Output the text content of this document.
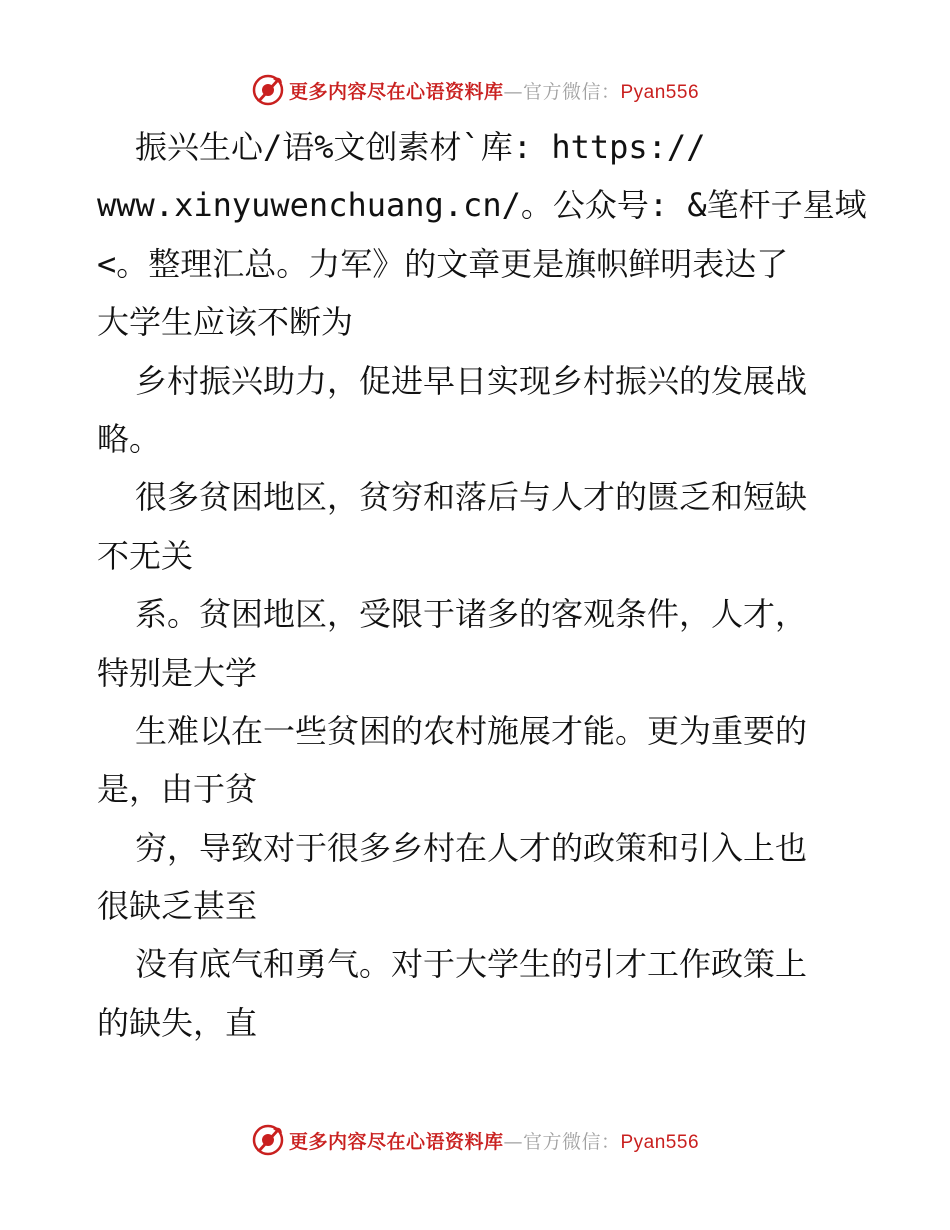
更多内容尽在心语资料库—官方微信：Pyan556
振兴生心/语%文创素材`库: https://
www.xinyuwenchuang.cn/。公众号: &笔杆子星域
<。整理汇总。力军》的文章更是旗帜鲜明表达了
大学生应该不断为
乡村振兴助力，促进早日实现乡村振兴的发展战
略。
很多贫困地区，贫穷和落后与人才的匮乏和短缺
不无关
系。贫困地区，受限于诸多的客观条件，人才，
特别是大学
生难以在一些贫困的农村施展才能。更为重要的
是，由于贫
穷，导致对于很多乡村在人才的政策和引入上也
很缺乏甚至
没有底气和勇气。对于大学生的引才工作政策上
的缺失，直
更多内容尽在心语资料库—官方微信：Pyan556
